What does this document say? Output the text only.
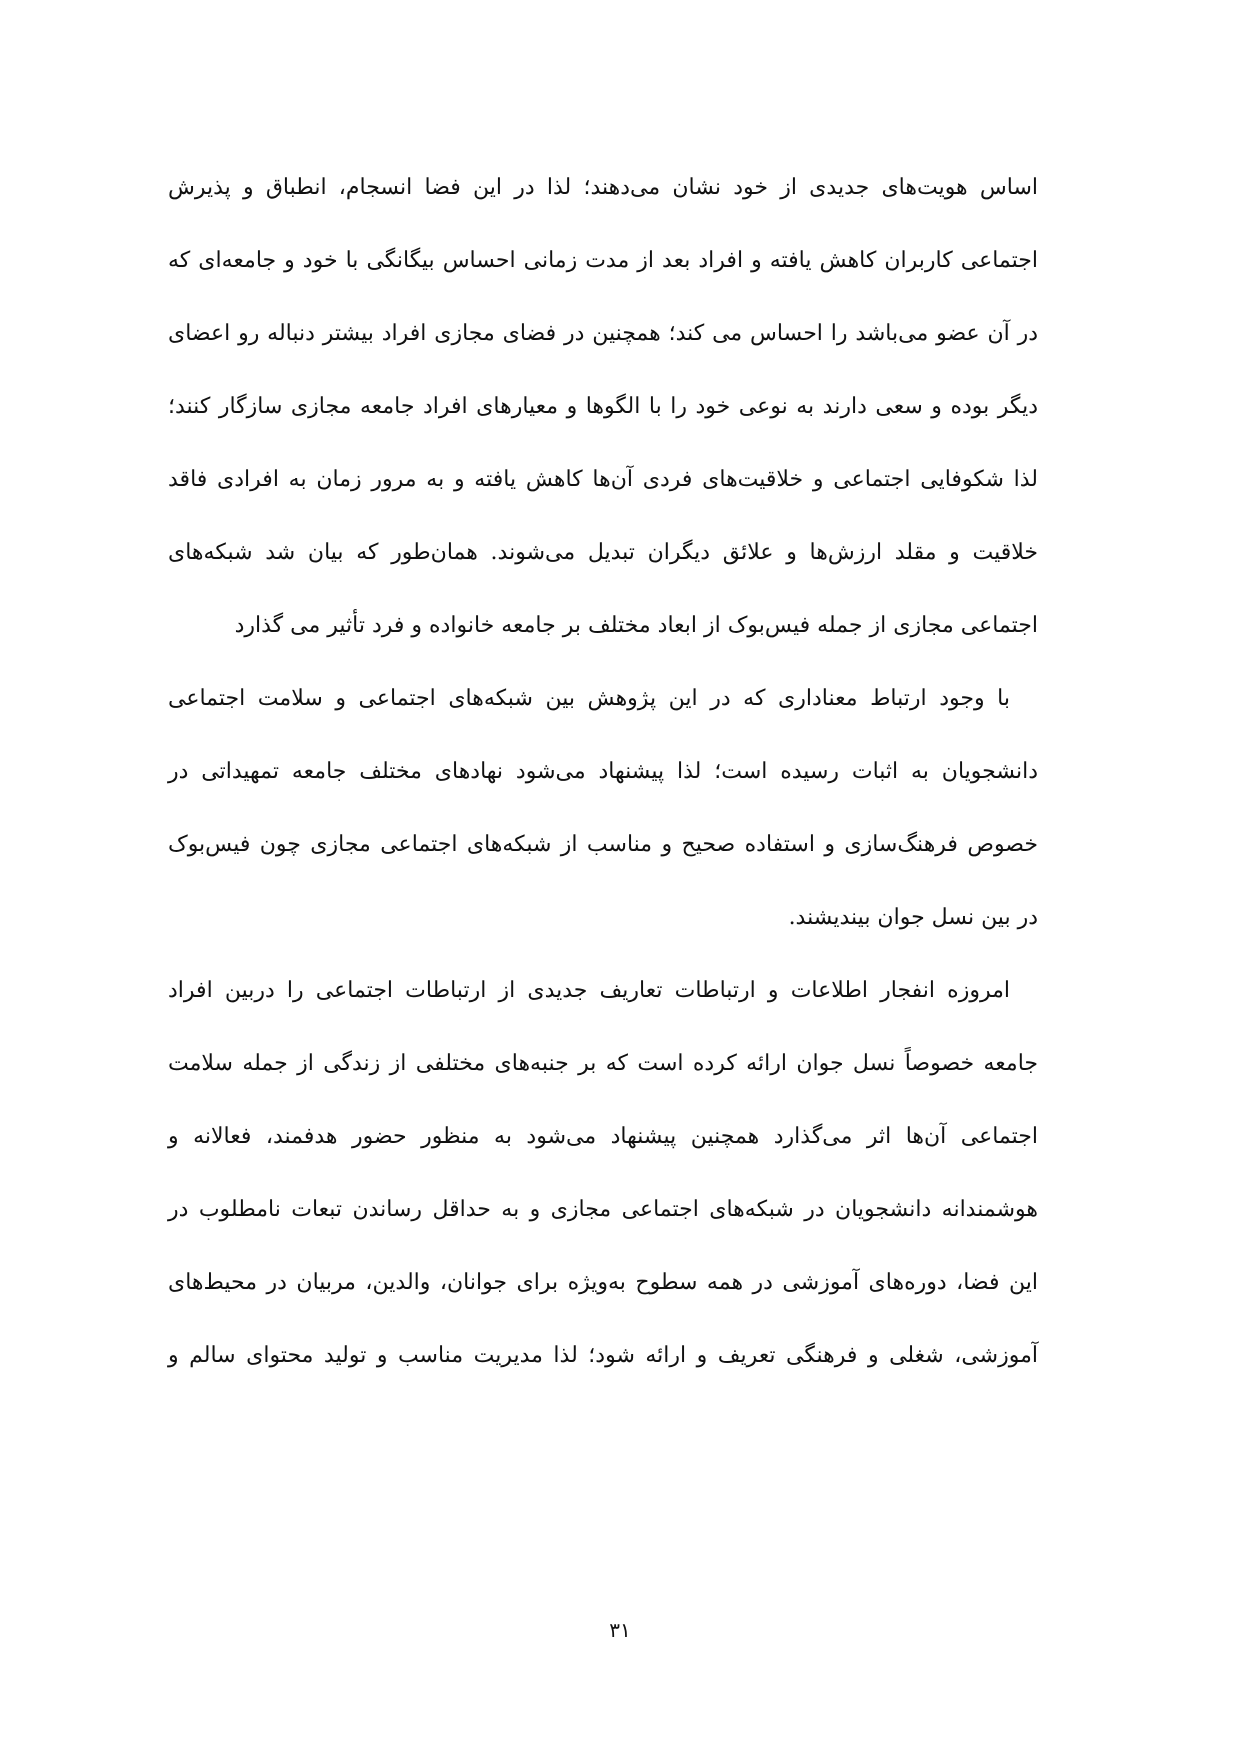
اساس هویت‌های جدیدی از خود نشان می‌دهند؛ لذا در این فضا انسجام، انطباق و پذیرش
اجتماعی کاربران کاهش یافته و افراد بعد از مدت زمانی احساس بیگانگی با خود و جامعه‌ای که
در آن عضو می‌باشد را احساس می کند؛ همچنین در فضای مجازی افراد بیشتر دنباله رو اعضای
دیگر بوده و سعی دارند به نوعی خود را با الگوها و معیارهای افراد جامعه مجازی سازگار کنند؛
لذا شکوفایی اجتماعی و خلاقیت‌های فردی آن‌ها کاهش یافته و به مرور زمان به افرادی فاقد
خلاقیت و مقلد ارزش‌ها و علائق دیگران تبدیل می‌شوند. همان‌طور که بیان شد شبکه‌های
اجتماعی مجازی از جمله فیس‌بوک از ابعاد مختلف بر جامعه خانواده و فرد تأثیر می گذارد
با وجود ارتباط معناداری که در این پژوهش بین شبکه‌های اجتماعی و سلامت اجتماعی
دانشجویان به اثبات رسیده است؛ لذا پیشنهاد می‌شود نهادهای مختلف جامعه تمهیداتی در
خصوص فرهنگ‌سازی و استفاده صحیح و مناسب از شبکه‌های اجتماعی مجازی چون فیس‌بوک
در بین نسل جوان بیندیشند.
امروزه انفجار اطلاعات و ارتباطات تعاریف جدیدی از ارتباطات اجتماعی را دربین افراد
جامعه خصوصاً نسل جوان ارائه کرده است که بر جنبه‌های مختلفی از زندگی از جمله سلامت
اجتماعی آن‌ها اثر می‌گذارد همچنین پیشنهاد می‌شود به منظور حضور هدفمند، فعالانه و
هوشمندانه دانشجویان در شبکه‌های اجتماعی مجازی و به حداقل رساندن تبعات نامطلوب در
این فضا، دوره‌های آموزشی در همه سطوح به‌ویژه برای جوانان، والدین، مربیان در محیط‌های
آموزشی، شغلی و فرهنگی تعریف و ارائه شود؛ لذا مدیریت مناسب و تولید محتوای سالم و
۳۱
